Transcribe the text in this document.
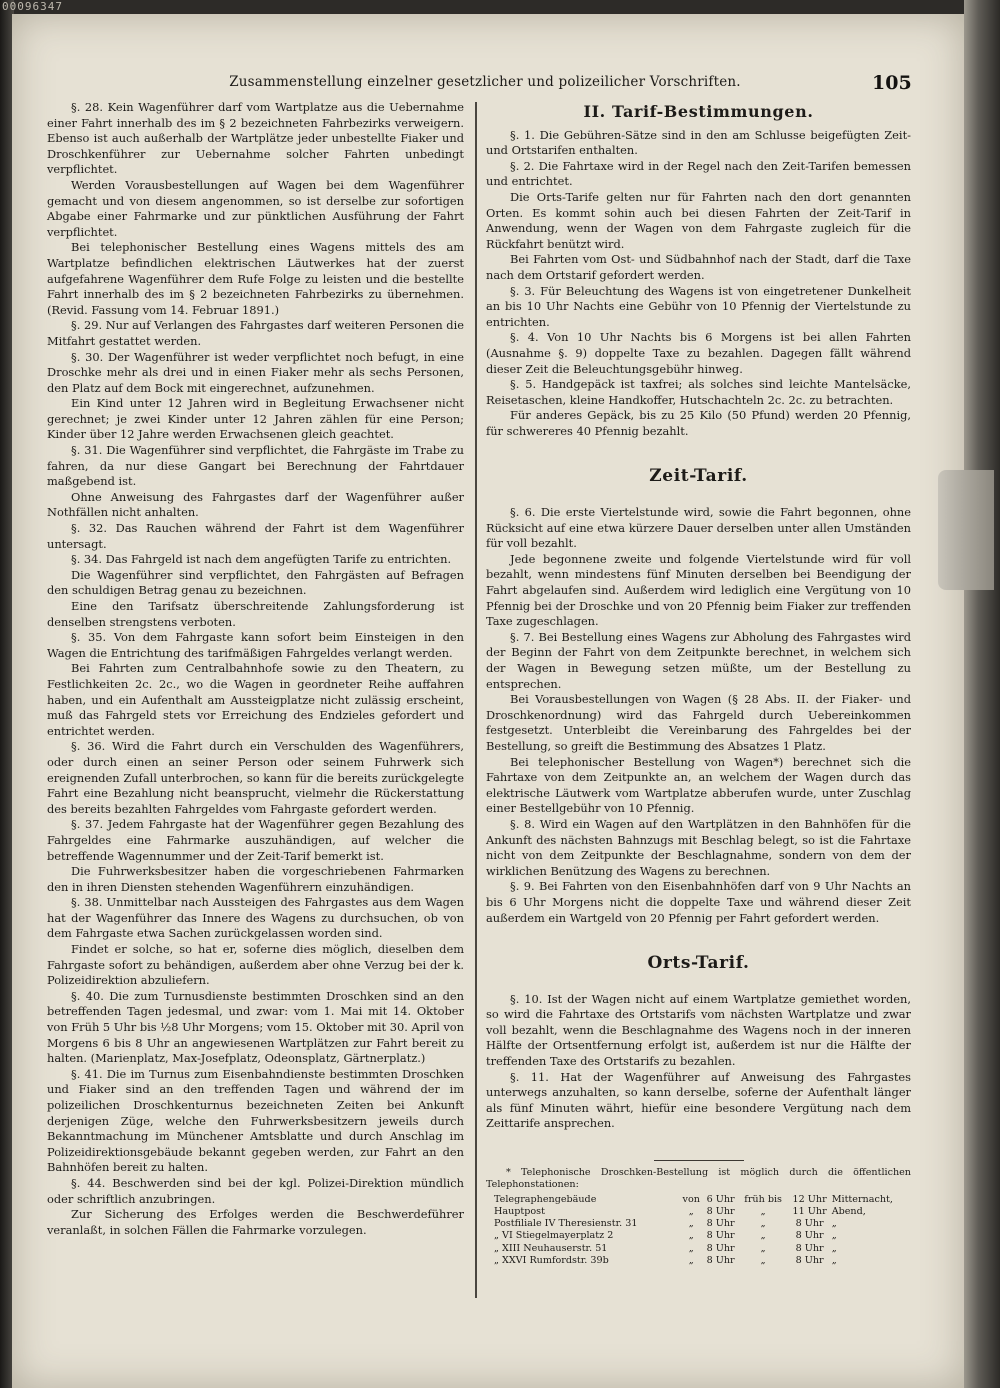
00096347
Zusammenstellung einzelner gesetzlicher und polizeilicher Vorschriften.	105

§. 28. Kein Wagenführer darf vom Wartplatze aus die Uebernahme einer Fahrt innerhalb des im § 2 bezeichneten Fahrbezirks verweigern. Ebenso ist auch außerhalb der Wartplätze jeder unbestellte Fiaker und Droschkenführer zur Uebernahme solcher Fahrten unbedingt verpflichtet.

Werden Vorausbestellungen auf Wagen bei dem Wagenführer gemacht und von diesem angenommen, so ist derselbe zur sofortigen Abgabe einer Fahrmarke und zur pünktlichen Ausführung der Fahrt verpflichtet.

Bei telephonischer Bestellung eines Wagens mittels des am Wartplatze befindlichen elektrischen Läutwerkes hat der zuerst aufgefahrene Wagenführer dem Rufe Folge zu leisten und die bestellte Fahrt innerhalb des im § 2 bezeichneten Fahrbezirks zu übernehmen. (Revid. Fassung vom 14. Februar 1891.)

§. 29. Nur auf Verlangen des Fahrgastes darf weiteren Personen die Mitfahrt gestattet werden.

§. 30. Der Wagenführer ist weder verpflichtet noch befugt, in eine Droschke mehr als drei und in einen Fiaker mehr als sechs Personen, den Platz auf dem Bock mit eingerechnet, aufzunehmen.

Ein Kind unter 12 Jahren wird in Begleitung Erwachsener nicht gerechnet; je zwei Kinder unter 12 Jahren zählen für eine Person; Kinder über 12 Jahre werden Erwachsenen gleich geachtet.

§. 31. Die Wagenführer sind verpflichtet, die Fahrgäste im Trabe zu fahren, da nur diese Gangart bei Berechnung der Fahrtdauer maßgebend ist.

Ohne Anweisung des Fahrgastes darf der Wagenführer außer Nothfällen nicht anhalten.

§. 32. Das Rauchen während der Fahrt ist dem Wagenführer untersagt.

§. 34. Das Fahrgeld ist nach dem angefügten Tarife zu entrichten.

Die Wagenführer sind verpflichtet, den Fahrgästen auf Befragen den schuldigen Betrag genau zu bezeichnen.

Eine den Tarifsatz überschreitende Zahlungsforderung ist denselben strengstens verboten.

§. 35. Von dem Fahrgaste kann sofort beim Einsteigen in den Wagen die Entrichtung des tarifmäßigen Fahrgeldes verlangt werden.

Bei Fahrten zum Centralbahnhofe sowie zu den Theatern, zu Festlichkeiten 2c. 2c., wo die Wagen in geordneter Reihe auffahren haben, und ein Aufenthalt am Aussteigplatze nicht zulässig erscheint, muß das Fahrgeld stets vor Erreichung des Endzieles gefordert und entrichtet werden.

§. 36. Wird die Fahrt durch ein Verschulden des Wagenführers, oder durch einen an seiner Person oder seinem Fuhrwerk sich ereignenden Zufall unterbrochen, so kann für die bereits zurückgelegte Fahrt eine Bezahlung nicht beansprucht, vielmehr die Rückerstattung des bereits bezahlten Fahrgeldes vom Fahrgaste gefordert werden.

§. 37. Jedem Fahrgaste hat der Wagenführer gegen Bezahlung des Fahrgeldes eine Fahrmarke auszuhändigen, auf welcher die betreffende Wagennummer und der Zeit-Tarif bemerkt ist.

Die Fuhrwerksbesitzer haben die vorgeschriebenen Fahrmarken den in ihren Diensten stehenden Wagenführern einzuhändigen.

§. 38. Unmittelbar nach Aussteigen des Fahrgastes aus dem Wagen hat der Wagenführer das Innere des Wagens zu durchsuchen, ob von dem Fahrgaste etwa Sachen zurückgelassen worden sind.

Findet er solche, so hat er, soferne dies möglich, dieselben dem Fahrgaste sofort zu behändigen, außerdem aber ohne Verzug bei der k. Polizeidirektion abzuliefern.

§. 40. Die zum Turnusdienste bestimmten Droschken sind an den betreffenden Tagen jedesmal, und zwar: vom 1. Mai mit 14. Oktober von Früh 5 Uhr bis ½8 Uhr Morgens; vom 15. Oktober mit 30. April von Morgens 6 bis 8 Uhr an angewiesenen Wartplätzen zur Fahrt bereit zu halten. (Marienplatz, Max-Josefplatz, Odeonsplatz, Gärtnerplatz.)

§. 41. Die im Turnus zum Eisenbahndienste bestimmten Droschken und Fiaker sind an den treffenden Tagen und während der im polizeilichen Droschkenturnus bezeichneten Zeiten bei Ankunft derjenigen Züge, welche den Fuhrwerksbesitzern jeweils durch Bekanntmachung im Münchener Amtsblatte und durch Anschlag im Polizeidirektionsgebäude bekannt gegeben werden, zur Fahrt an den Bahnhöfen bereit zu halten.

§. 44. Beschwerden sind bei der kgl. Polizei-Direktion mündlich oder schriftlich anzubringen.

Zur Sicherung des Erfolges werden die Beschwerdeführer veranlaßt, in solchen Fällen die Fahrmarke vorzulegen.

II. Tarif-Bestimmungen.

§. 1. Die Gebühren-Sätze sind in den am Schlusse beigefügten Zeit- und Ortstarifen enthalten.

§. 2. Die Fahrtaxe wird in der Regel nach den Zeit-Tarifen bemessen und entrichtet.

Die Orts-Tarife gelten nur für Fahrten nach den dort genannten Orten. Es kommt sohin auch bei diesen Fahrten der Zeit-Tarif in Anwendung, wenn der Wagen von dem Fahrgaste zugleich für die Rückfahrt benützt wird.

Bei Fahrten vom Ost- und Südbahnhof nach der Stadt, darf die Taxe nach dem Ortstarif gefordert werden.

§. 3. Für Beleuchtung des Wagens ist von eingetretener Dunkelheit an bis 10 Uhr Nachts eine Gebühr von 10 Pfennig der Viertelstunde zu entrichten.

§. 4. Von 10 Uhr Nachts bis 6 Morgens ist bei allen Fahrten (Ausnahme §. 9) doppelte Taxe zu bezahlen. Dagegen fällt während dieser Zeit die Beleuchtungsgebühr hinweg.

§. 5. Handgepäck ist taxfrei; als solches sind leichte Mantelsäcke, Reisetaschen, kleine Handkoffer, Hutschachteln 2c. 2c. zu betrachten.

Für anderes Gepäck, bis zu 25 Kilo (50 Pfund) werden 20 Pfennig, für schwereres 40 Pfennig bezahlt.

Zeit-Tarif.

§. 6. Die erste Viertelstunde wird, sowie die Fahrt begonnen, ohne Rücksicht auf eine etwa kürzere Dauer derselben unter allen Umständen für voll bezahlt.

Jede begonnene zweite und folgende Viertelstunde wird für voll bezahlt, wenn mindestens fünf Minuten derselben bei Beendigung der Fahrt abgelaufen sind. Außerdem wird lediglich eine Vergütung von 10 Pfennig bei der Droschke und von 20 Pfennig beim Fiaker zur treffenden Taxe zugeschlagen.

§. 7. Bei Bestellung eines Wagens zur Abholung des Fahrgastes wird der Beginn der Fahrt von dem Zeitpunkte berechnet, in welchem sich der Wagen in Bewegung setzen müßte, um der Bestellung zu entsprechen.

Bei Vorausbestellungen von Wagen (§ 28 Abs. II. der Fiaker- und Droschkenordnung) wird das Fahrgeld durch Uebereinkommen festgesetzt. Unterbleibt die Vereinbarung des Fahrgeldes bei der Bestellung, so greift die Bestimmung des Absatzes 1 Platz.

Bei telephonischer Bestellung von Wagen*) berechnet sich die Fahrtaxe von dem Zeitpunkte an, an welchem der Wagen durch das elektrische Läutwerk vom Wartplatze abberufen wurde, unter Zuschlag einer Bestellgebühr von 10 Pfennig.

§. 8. Wird ein Wagen auf den Wartplätzen in den Bahnhöfen für die Ankunft des nächsten Bahnzugs mit Beschlag belegt, so ist die Fahrtaxe nicht von dem Zeitpunkte der Beschlagnahme, sondern von dem der wirklichen Benützung des Wagens zu berechnen.

§. 9. Bei Fahrten von den Eisenbahnhöfen darf von 9 Uhr Nachts an bis 6 Uhr Morgens nicht die doppelte Taxe und während dieser Zeit außerdem ein Wartgeld von 20 Pfennig per Fahrt gefordert werden.

Orts-Tarif.

§. 10. Ist der Wagen nicht auf einem Wartplatze gemiethet worden, so wird die Fahrtaxe des Ortstarifs vom nächsten Wartplatze und zwar voll bezahlt, wenn die Beschlagnahme des Wagens noch in der inneren Hälfte der Ortsentfernung erfolgt ist, außerdem ist nur die Hälfte der treffenden Taxe des Ortstarifs zu bezahlen.

§. 11. Hat der Wagenführer auf Anweisung des Fahrgastes unterwegs anzuhalten, so kann derselbe, soferne der Aufenthalt länger als fünf Minuten währt, hiefür eine besondere Vergütung nach dem Zeittarife ansprechen.

* Telephonische Droschken-Bestellung ist möglich durch die öffentlichen Telephonstationen:

Telegraphengebäude	von	6 Uhr	früh bis	12 Uhr	Mitternacht,
Hauptpost	„	8 Uhr	„	11 Uhr	Abend,
Postfiliale IV Theresienstr. 31	„	8 Uhr	„	8 Uhr	„
„ VI Stiegelmayerplatz 2	„	8 Uhr	„	8 Uhr	„
„ XIII Neuhauserstr. 51	„	8 Uhr	„	8 Uhr	„
„ XXVI Rumfordstr. 39b	„	8 Uhr	„	8 Uhr	„
